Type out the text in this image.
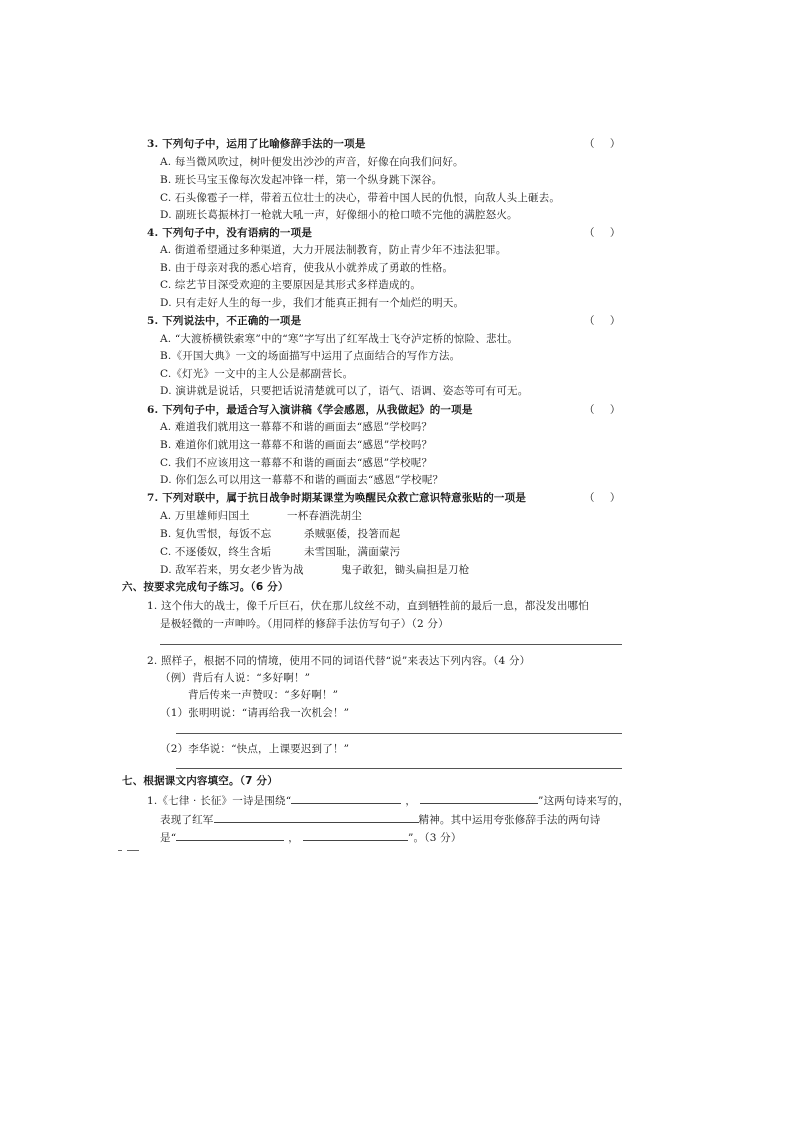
3. 下列句子中，运用了比喻修辞手法的一项是	（ ）
A. 每当微风吹过，树叶便发出沙沙的声音，好像在向我们问好。
B. 班长马宝玉像每次发起冲锋一样，第一个纵身跳下深谷。
C. 石头像雹子一样，带着五位壮士的决心，带着中国人民的仇恨，向敌人头上砸去。
D. 副班长葛振林打一枪就大吼一声，好像细小的枪口喷不完他的满腔怒火。
4. 下列句子中，没有语病的一项是	（ ）
A. 街道希望通过多种渠道，大力开展法制教育，防止青少年不违法犯罪。
B. 由于母亲对我的悉心培育，使我从小就养成了勇敢的性格。
C. 综艺节目深受欢迎的主要原因是其形式多样造成的。
D. 只有走好人生的每一步，我们才能真正拥有一个灿烂的明天。
5. 下列说法中，不正确的一项是	（ ）
A. “大渡桥横铁索寒”中的“寒”字写出了红军战士飞夺泸定桥的惊险、悲壮。
B.《开国大典》一文的场面描写中运用了点面结合的写作方法。
C.《灯光》一文中的主人公是郝副营长。
D. 演讲就是说话，只要把话说清楚就可以了，语气、语调、姿态等可有可无。
6. 下列句子中，最适合写入演讲稿《学会感恩，从我做起》的一项是	（ ）
A. 难道我们就用这一幕幕不和谐的画面去“感恩”学校吗？
B. 难道你们就用这一幕幕不和谐的画面去“感恩”学校吗？
C. 我们不应该用这一幕幕不和谐的画面去“感恩”学校呢？
D. 你们怎么可以用这一幕幕不和谐的画面去“感恩”学校呢？
7. 下列对联中，属于抗日战争时期某课堂为唤醒民众救亡意识特意张贴的一项是	（ ）
A. 万里雄师归国土	一杯春酒洗胡尘
B. 复仇雪恨，每饭不忘	杀贼驱倭，投箸而起
C. 不逐倭奴，终生含垢	未雪国耻，满面蒙污
D. 敌军若来，男女老少皆为战	鬼子敢犯，锄头扁担是刀枪
六、按要求完成句子练习。（6 分）
1. 这个伟大的战士，像千斤巨石，伏在那儿纹丝不动，直到牺牲前的最后一息，都没发出哪怕
是极轻微的一声呻吟。（用同样的修辞手法仿写句子）（2 分）
2. 照样子，根据不同的情境，使用不同的词语代替“说”来表达下列内容。（4 分）
（例）背后有人说：“多好啊！”
背后传来一声赞叹：“多好啊！”
（1）张明明说：“请再给我一次机会！”
（2）李华说：“快点，上课要迟到了！”
七、根据课文内容填空。（7 分）
1.《七律 · 长征》一诗是围绕“	，	”这两句诗来写的，
表现了红军	精神。其中运用夸张修辞手法的两句诗
是“	，	”。（3 分）
